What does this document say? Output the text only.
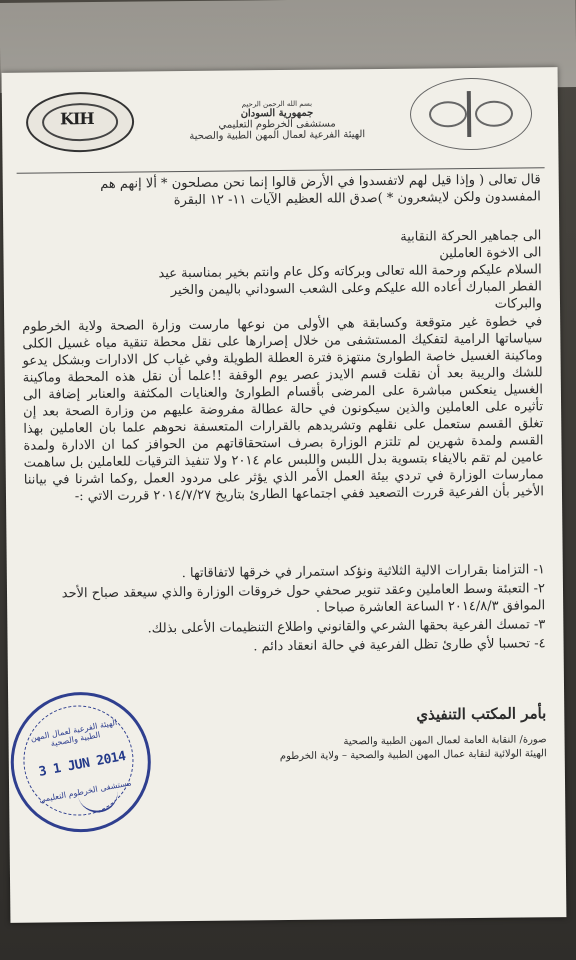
KIH
بسم الله الرحمن الرحيم
جمهورية السودان
مستشفى الخرطوم التعليمي
الهيئة الفرعية لعمال المهن الطبية والصحية

قال تعالى ( وإذا قيل لهم لاتفسدوا في الأرض قالوا إنما نحن مصلحون * ألا إنهم هم

المفسدون ولكن لايشعرون * )صدق الله العظيم الآيات ١١- ١٢ البقرة

الى جماهير الحركة النقابية

الى الاخوة العاملين

السلام عليكم ورحمة الله تعالى وبركاته وكل عام وانتم بخير بمناسبة عيد

الفطر المبارك أعاده الله عليكم وعلى الشعب السوداني باليمن والخير

والبركات

في خطوة غير متوقعة وكسابقة هي الأولى من نوعها مارست وزارة الصحة ولاية الخرطوم سياساتها الرامية لتفكيك المستشفى من خلال إصرارها على نقل محطة تنقية مياه غسيل الكلى وماكينة الغسيل خاصة الطوارئ منتهزة فترة العطلة الطويلة وفي غياب كل الادارات وبشكل يدعو للشك والريبة بعد أن نقلت قسم الايدز عصر يوم الوقفة !!علما أن نقل هذه المحطة وماكينة الغسيل ينعكس مباشرة على المرضى بأقسام الطوارئ والعنايات المكثفة والعنابر إضافة الى تأثيره على العاملين والذين سيكونون في حالة عطالة مفروضة عليهم من وزارة الصحة بعد إن تغلق القسم ستعمل على نقلهم وتشريدهم بالقرارات المتعسفة نحوهم علما بان العاملين بهذا القسم ولمدة شهرين لم تلتزم الوزارة بصرف استحقاقاتهم من الحوافز كما ان الادارة ولمدة عامين لم تقم بالايفاء بتسوية بدل اللبس واللبس عام ٢٠١٤ ولا تنفيذ الترقيات للعاملين بل ساهمت ممارسات الوزارة في تردي بيئة العمل الأمر الذي يؤثر على مردود العمل ,وكما اشرنا في بياننا الأخير بأن الفرعية قررت التصعيد ففي اجتماعها الطارئ بتاريخ ٢٠١٤/٧/٢٧ قررت الاتي :-

١- التزامنا بقرارات الالية الثلاثية ونؤكد استمرار في خرقها لاتفاقاتها .

٢- التعبئة وسط العاملين وعقد تنوير صحفي حول خروقات الوزارة والذي سيعقد صباح الأحد الموافق ٢٠١٤/٨/٣ الساعة العاشرة صباحا .

٣- تمسك الفرعية بحقها الشرعي والقانوني واطلاع التنظيمات الأعلى بذلك.

٤- تحسبا لأي طارئ تظل الفرعية في حالة انعقاد دائم .

بأمر المكتب التنفيذي

صورة/ النقابة العامة لعمال المهن الطبية والصحية

الهيئة الولائية لنقابة عمال المهن الطبية والصحية – ولاية الخرطوم

الهيئة الفرعية لعمال المهن الطبية والصحية
3 1 JUN 2014
مستشفى الخرطوم التعليمي
